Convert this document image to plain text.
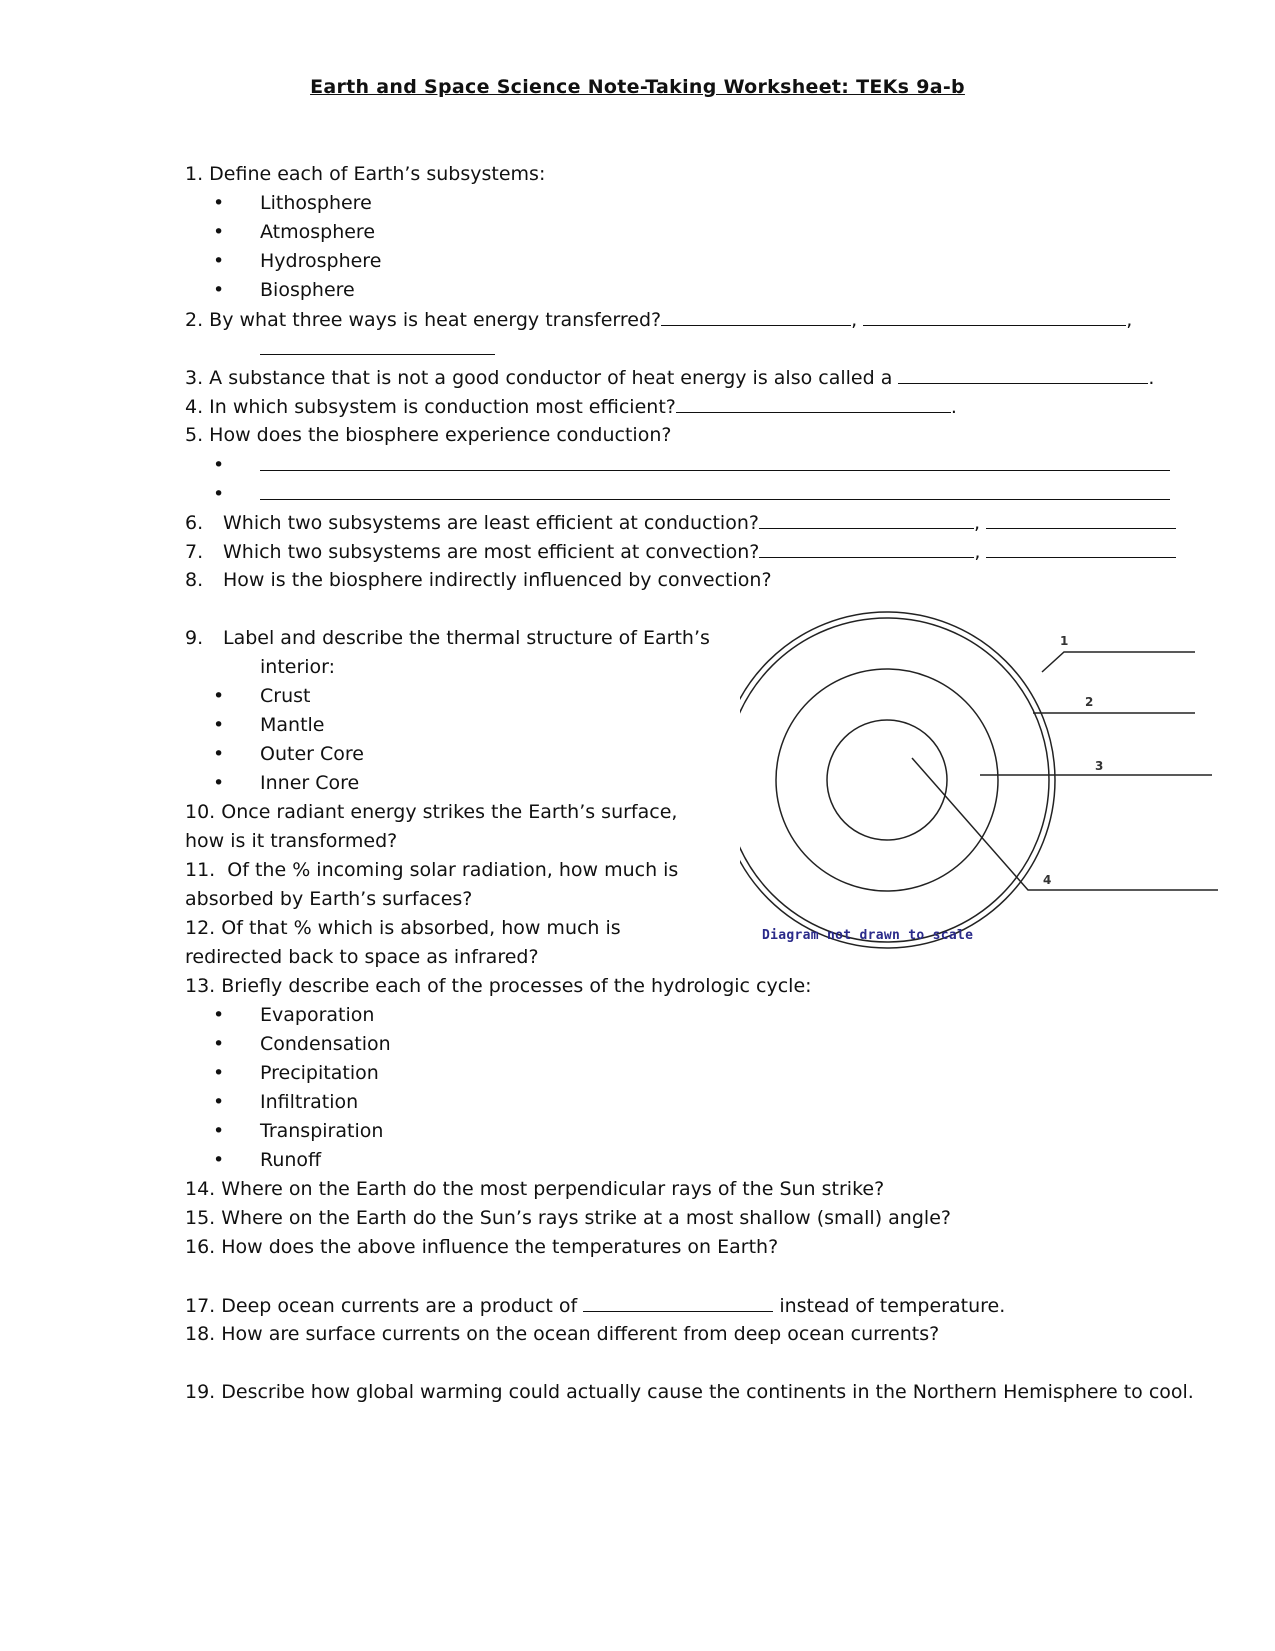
Earth and Space Science Note-Taking Worksheet: TEKs 9a-b
1. Define each of Earth’s subsystems:
• Lithosphere
• Atmosphere
• Hydrosphere
• Biosphere
2. By what three ways is heat energy transferred?	,	,
3. A substance that is not a good conductor of heat energy is also called a	.
4. In which subsystem is conduction most efficient?	.
5. How does the biosphere experience conduction?
•
•
6. Which two subsystems are least efficient at conduction?	,
7. Which two subsystems are most efficient at convection?	,
8. How is the biosphere indirectly influenced by convection?
9. Label and describe the thermal structure of Earth’s
interior:
• Crust
• Mantle
• Outer Core
• Inner Core
10. Once radiant energy strikes the Earth’s surface,
how is it transformed?
11.  Of the % incoming solar radiation, how much is
absorbed by Earth’s surfaces?
12. Of that % which is absorbed, how much is
redirected back to space as infrared?
13. Briefly describe each of the processes of the hydrologic cycle:
• Evaporation
• Condensation
• Precipitation
• Infiltration
• Transpiration
• Runoff
14. Where on the Earth do the most perpendicular rays of the Sun strike?
15. Where on the Earth do the Sun’s rays strike at a most shallow (small) angle?
16. How does the above influence the temperatures on Earth?
17. Deep ocean currents are a product of	instead of temperature.
18. How are surface currents on the ocean different from deep ocean currents?
19. Describe how global warming could actually cause the continents in the Northern Hemisphere to cool.
1
2
3
4
Diagram not drawn to scale
